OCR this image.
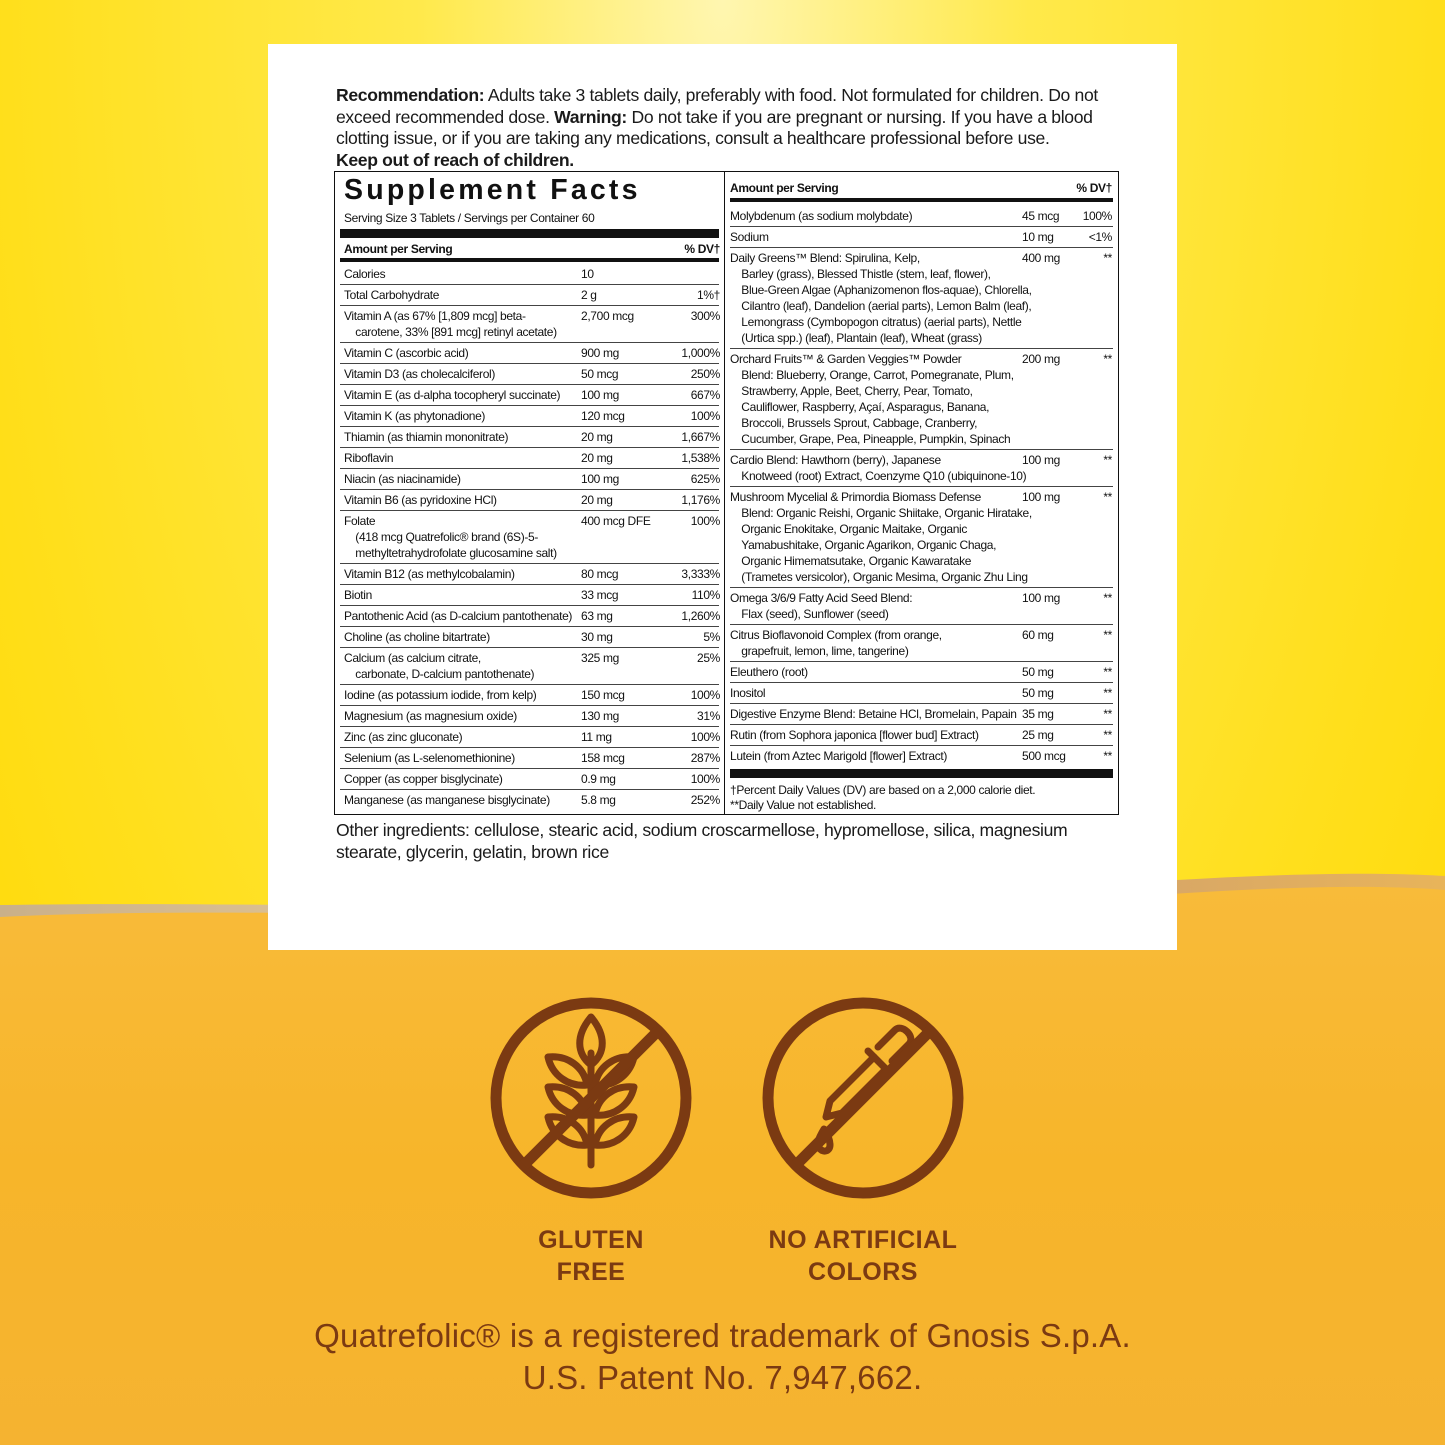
Recommendation: Adults take 3 tablets daily, preferably with food. Not formulated for children. Do not exceed recommended dose. Warning: Do not take if you are pregnant or nursing. If you have a blood clotting issue, or if you are taking any medications, consult a healthcare professional before use.
Keep out of reach of children.
Supplement Facts
Serving Size 3 Tablets / Servings per Container 60
Amount per Serving	% DV†
Calories	10
Total Carbohydrate	2 g	1%†
Vitamin A (as 67% [1,809 mcg] beta-
  carotene, 33% [891 mcg] retinyl acetate)
2,700 mcg	300%
Vitamin C (ascorbic acid)	900 mg	1,000%
Vitamin D3 (as cholecalciferol)	50 mcg	250%
Vitamin E (as d-alpha tocopheryl succinate) 100 mg	667%
Vitamin K (as phytonadione)	120 mcg	100%
Thiamin (as thiamin mononitrate)	20 mg	1,667%
Riboflavin	20 mg	1,538%
Niacin (as niacinamide)	100 mg	625%
Vitamin B6 (as pyridoxine HCl)	20 mg	1,176%
Folate
  (418 mcg Quatrefolic® brand (6S)-5-
  methyltetrahydrofolate glucosamine salt)
400 mcg DFE	100%
Vitamin B12 (as methylcobalamin)	80 mcg	3,333%
Biotin	33 mcg	110%
Pantothenic Acid (as D-calcium pantothenate) 63 mg	1,260%
Choline (as choline bitartrate)	30 mg	5%
Calcium (as calcium citrate,
  carbonate, D-calcium pantothenate)
325 mg	25%
Iodine (as potassium iodide, from kelp)	150 mcg	100%
Magnesium (as magnesium oxide)	130 mg	31%
Zinc (as zinc gluconate)	11 mg	100%
Selenium (as L-selenomethionine)	158 mcg	287%
Copper (as copper bisglycinate)	0.9 mg	100%
Manganese (as manganese bisglycinate)	5.8 mg	252%
Amount per Serving	% DV†
Molybdenum (as sodium molybdate)	45 mcg 100%
Sodium	10 mg	<1%
Daily Greens™ Blend: Spirulina, Kelp,
  Barley (grass), Blessed Thistle (stem, leaf, flower),
  Blue-Green Algae (Aphanizomenon flos-aquae), Chlorella,
  Cilantro (leaf), Dandelion (aerial parts), Lemon Balm (leaf),
  Lemongrass (Cymbopogon citratus) (aerial parts), Nettle
  (Urtica spp.) (leaf), Plantain (leaf), Wheat (grass)
400 mg	**
Orchard Fruits™ & Garden Veggies™ Powder
  Blend: Blueberry, Orange, Carrot, Pomegranate, Plum,
  Strawberry, Apple, Beet, Cherry, Pear, Tomato,
  Cauliflower, Raspberry, Açaí, Asparagus, Banana,
  Broccoli, Brussels Sprout, Cabbage, Cranberry,
  Cucumber, Grape, Pea, Pineapple, Pumpkin, Spinach
200 mg	**
Cardio Blend: Hawthorn (berry), Japanese
  Knotweed (root) Extract, Coenzyme Q10 (ubiquinone-10)
100 mg	**
Mushroom Mycelial & Primordia Biomass Defense
  Blend: Organic Reishi, Organic Shiitake, Organic Hiratake,
  Organic Enokitake, Organic Maitake, Organic
  Yamabushitake, Organic Agarikon, Organic Chaga,
  Organic Himematsutake, Organic Kawaratake
  (Trametes versicolor), Organic Mesima, Organic Zhu Ling
100 mg	**
Omega 3/6/9 Fatty Acid Seed Blend:
  Flax (seed), Sunflower (seed)
100 mg	**
Citrus Bioflavonoid Complex (from orange,
  grapefruit, lemon, lime, tangerine)
60 mg	**
Eleuthero (root)	50 mg	**
Inositol	50 mg	**
Digestive Enzyme Blend: Betaine HCl, Bromelain, Papain 35 mg	**
Rutin (from Sophora japonica [flower bud] Extract)	25 mg	**
Lutein (from Aztec Marigold [flower] Extract)	500 mcg	**
†Percent Daily Values (DV) are based on a 2,000 calorie diet.
**Daily Value not established.
Other ingredients: cellulose, stearic acid, sodium croscarmellose, hypromellose, silica, magnesium stearate, glycerin, gelatin, brown rice
GLUTEN
FREE
NO ARTIFICIAL
COLORS
Quatrefolic® is a registered trademark of Gnosis S.p.A.
U.S. Patent No. 7,947,662.
